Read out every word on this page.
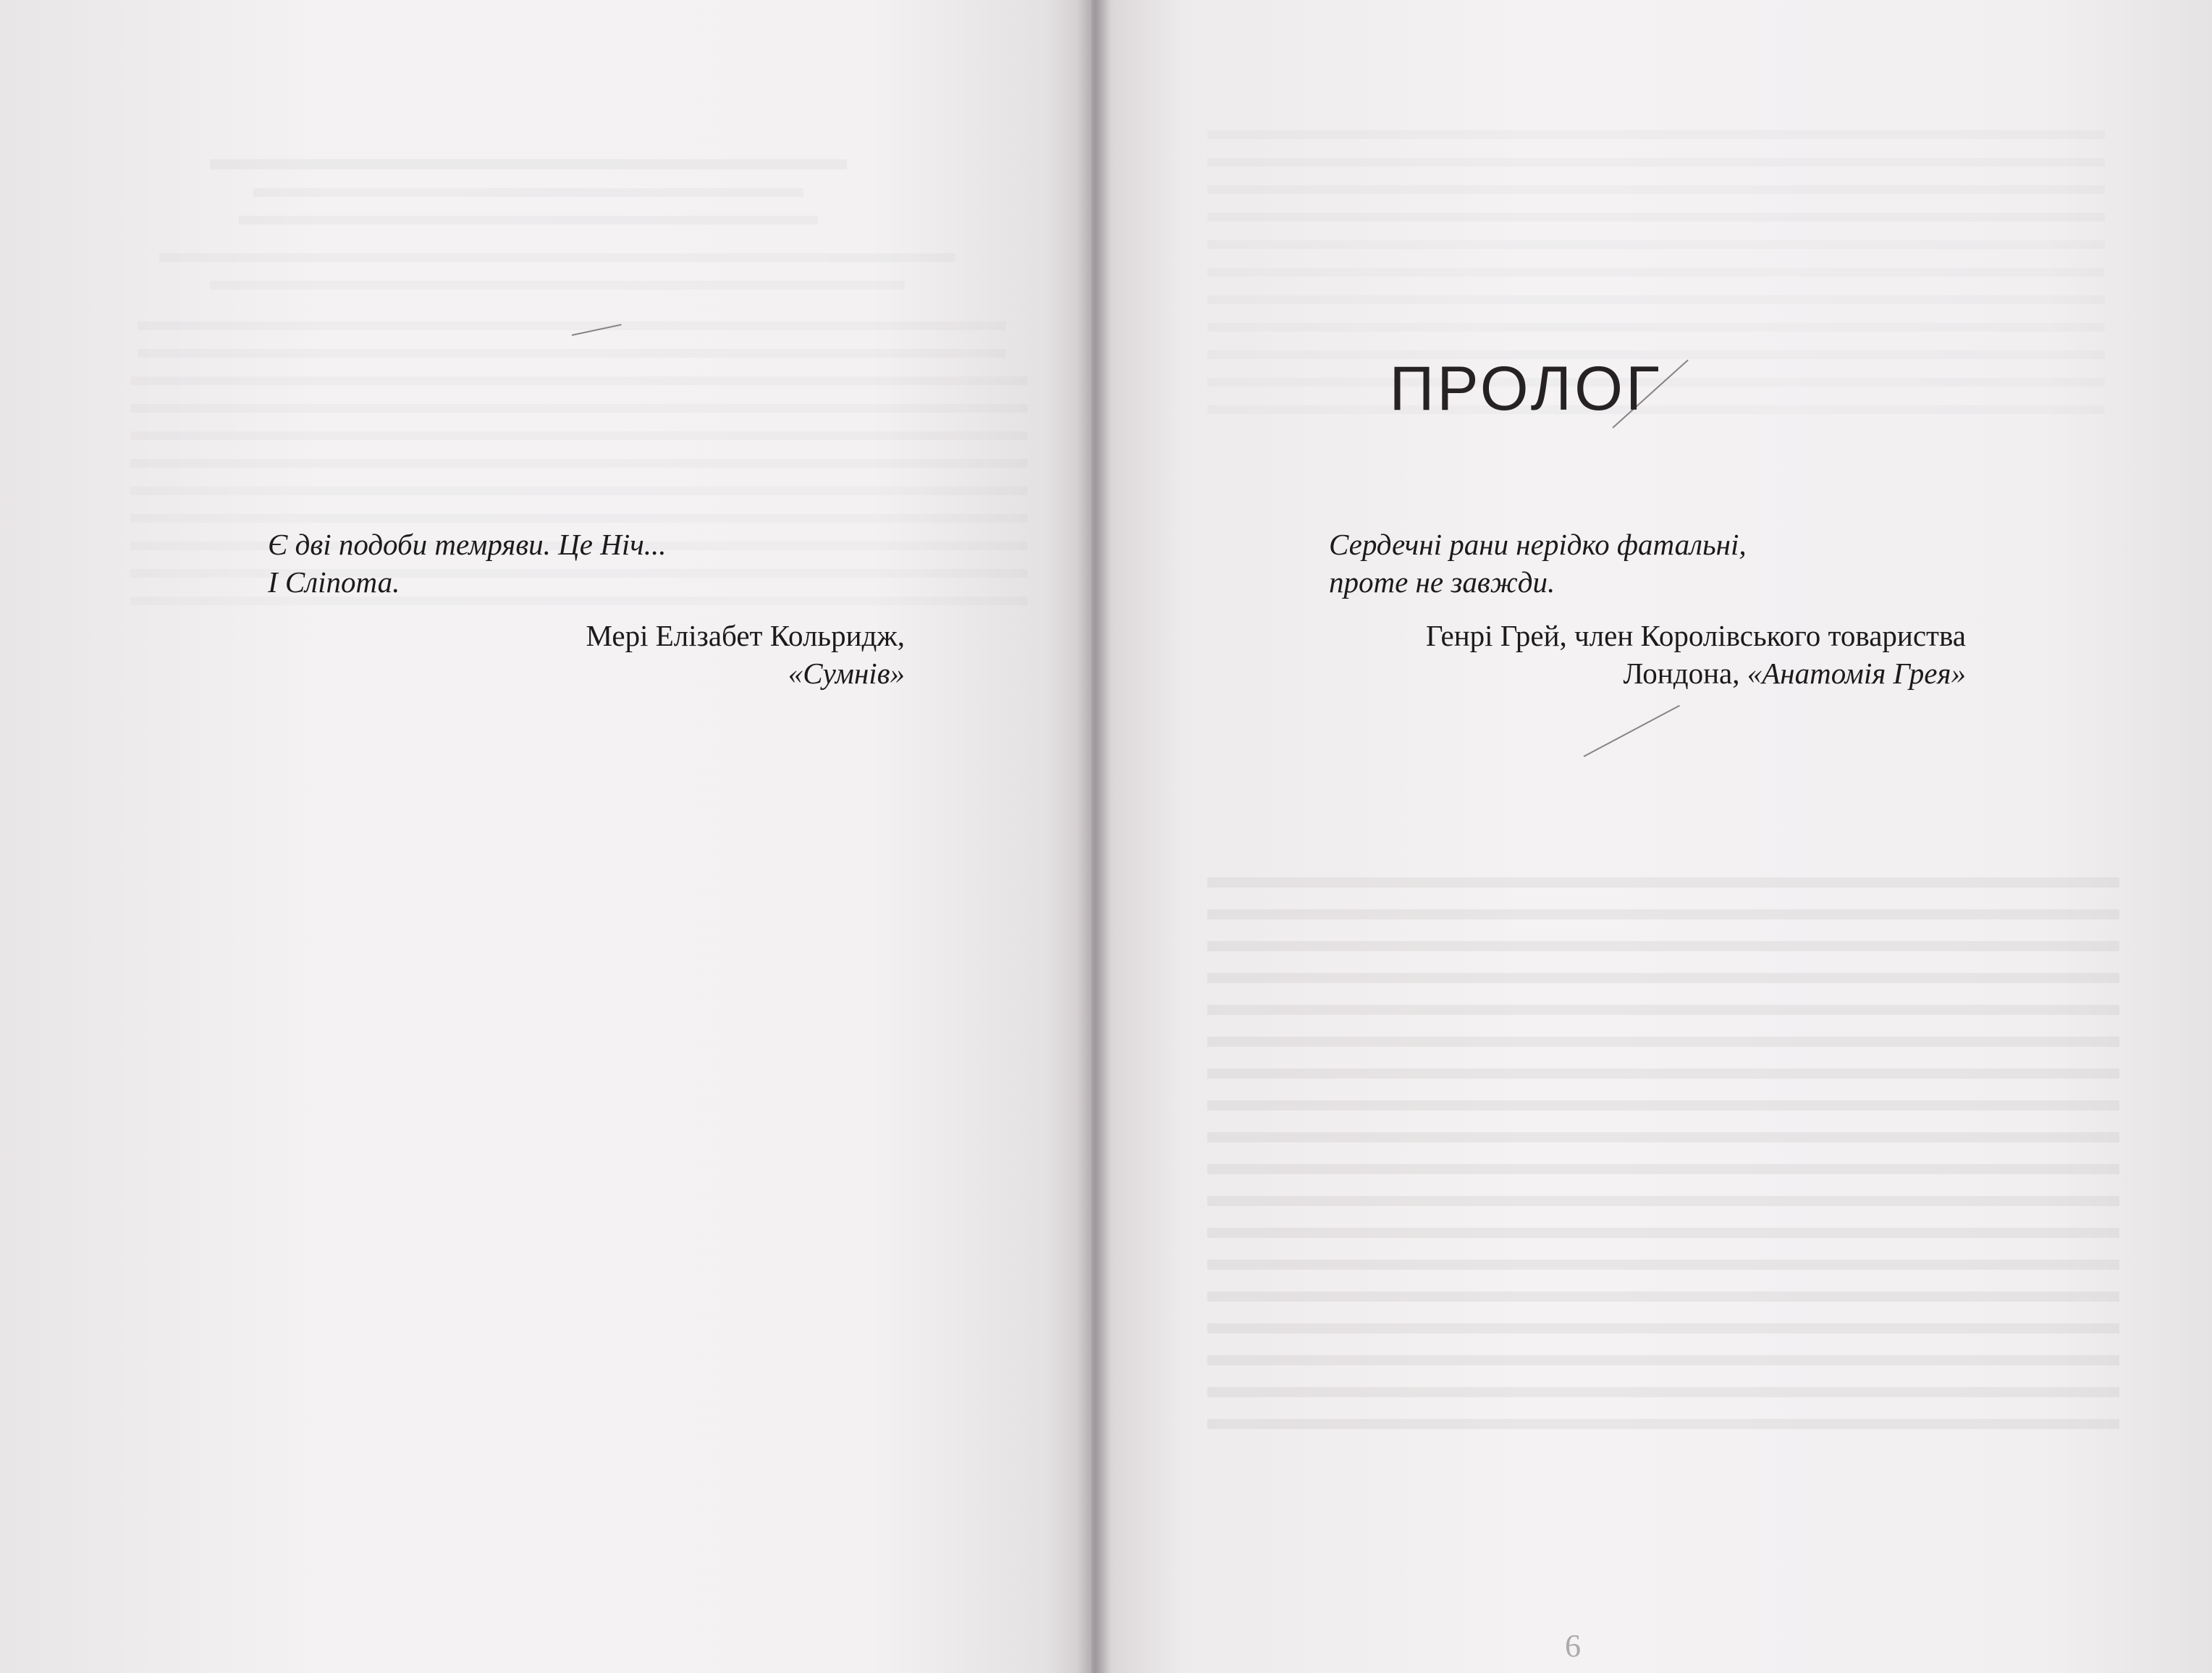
Є дві подоби темряви. Це Ніч...
І Сліпота.
Мері Елізабет Кольридж,
«Сумнів»
ПРОЛОГ
Сердечні рани нерідко фатальні,
проте не завжди.
Генрі Грей, член Королівського товариства
Лондона, «Анатомія Грея»
6
